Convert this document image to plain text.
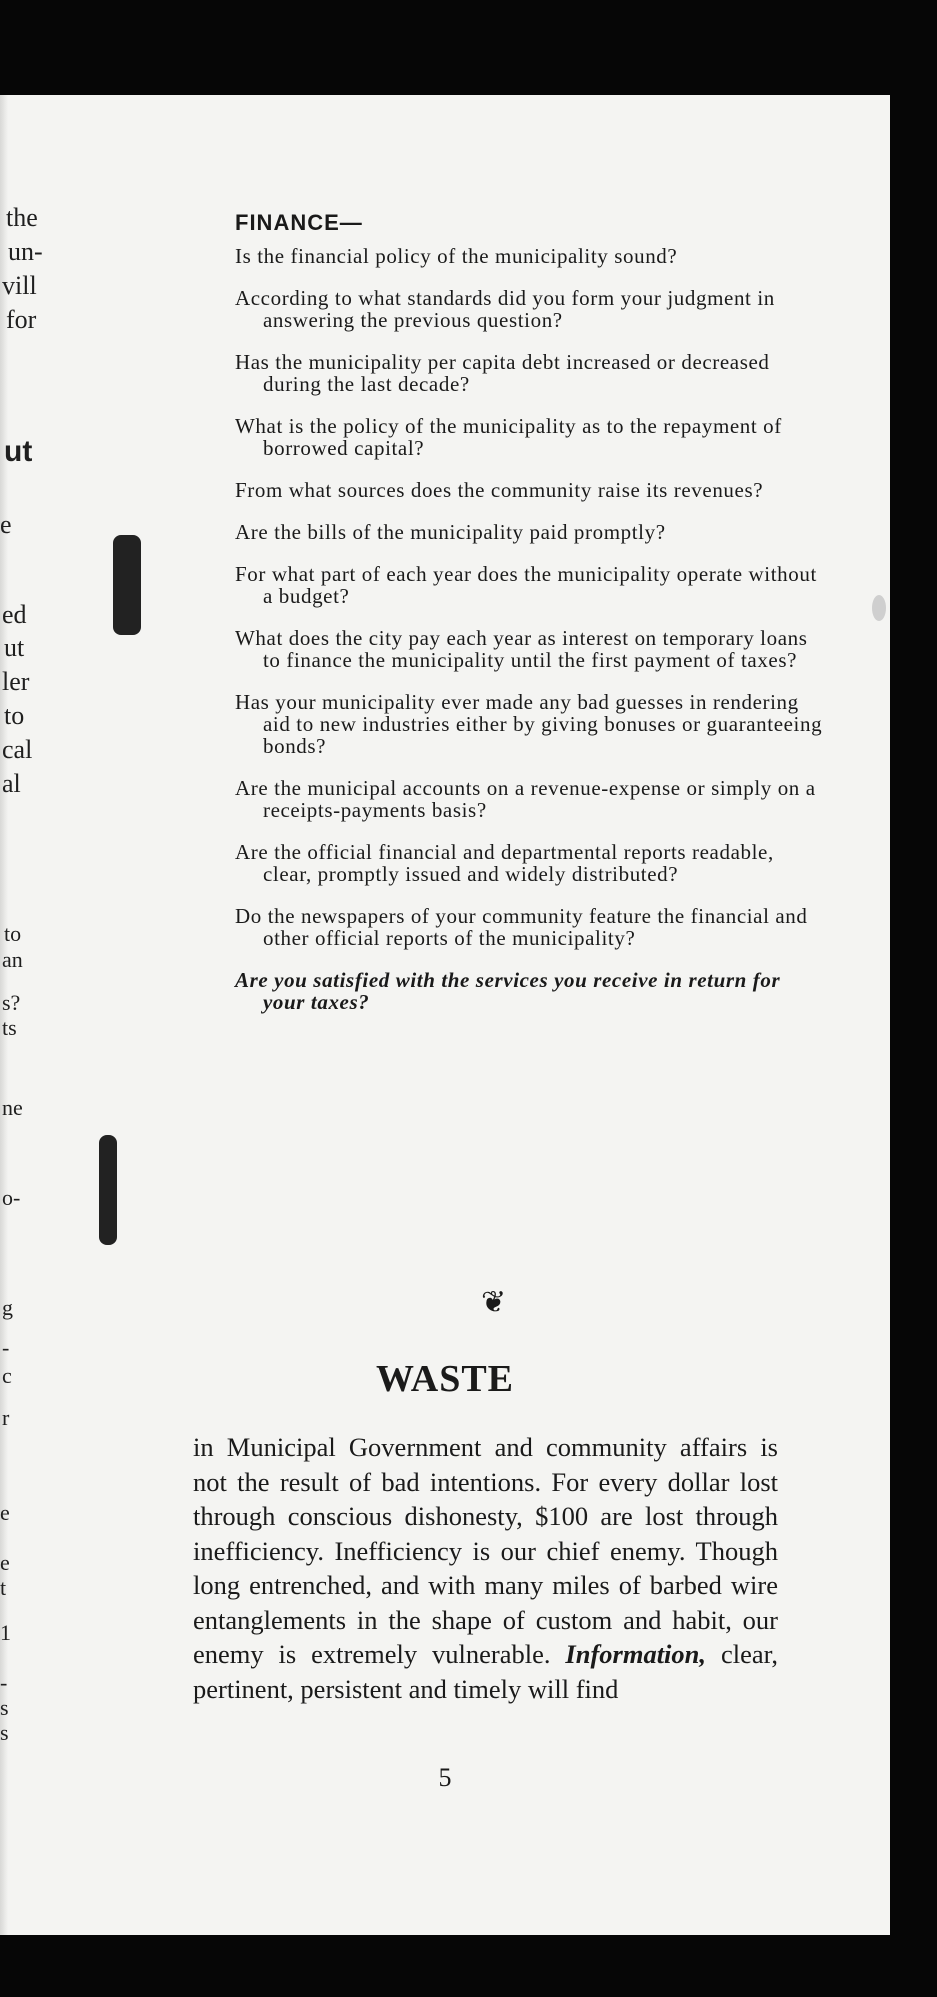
FINANCE—
Is the financial policy of the municipality sound?
According to what standards did you form your judgment in answering the previous question?
Has the municipality per capita debt increased or decreased during the last decade?
What is the policy of the municipality as to the repayment of borrowed capital?
From what sources does the community raise its revenues?
Are the bills of the municipality paid promptly?
For what part of each year does the municipality operate without a budget?
What does the city pay each year as interest on temporary loans to finance the municipality until the first payment of taxes?
Has your municipality ever made any bad guesses in rendering aid to new industries either by giving bonuses or guaranteeing bonds?
Are the municipal accounts on a revenue-expense or simply on a receipts-payments basis?
Are the official financial and departmental reports readable, clear, promptly issued and widely distributed?
Do the newspapers of your community feature the financial and other official reports of the municipality?
Are you satisfied with the services you receive in return for your taxes?
❦
WASTE

in Municipal Government and community affairs is not the result of bad intentions. For every dollar lost through conscious dishonesty, $100 are lost through inefficiency. Inefficiency is our chief enemy. Though long entrenched, and with many miles of barbed wire entanglements in the shape of custom and habit, our enemy is extremely vulnerable. Information, clear, pertinent, persistent and timely will find

5
the
un-
vill
for
ut
e
ed
ut
ler
to
cal
al
to
an
s?
ts
ne
o-
g
-
c
r
e
e
t
1
-
s
s
